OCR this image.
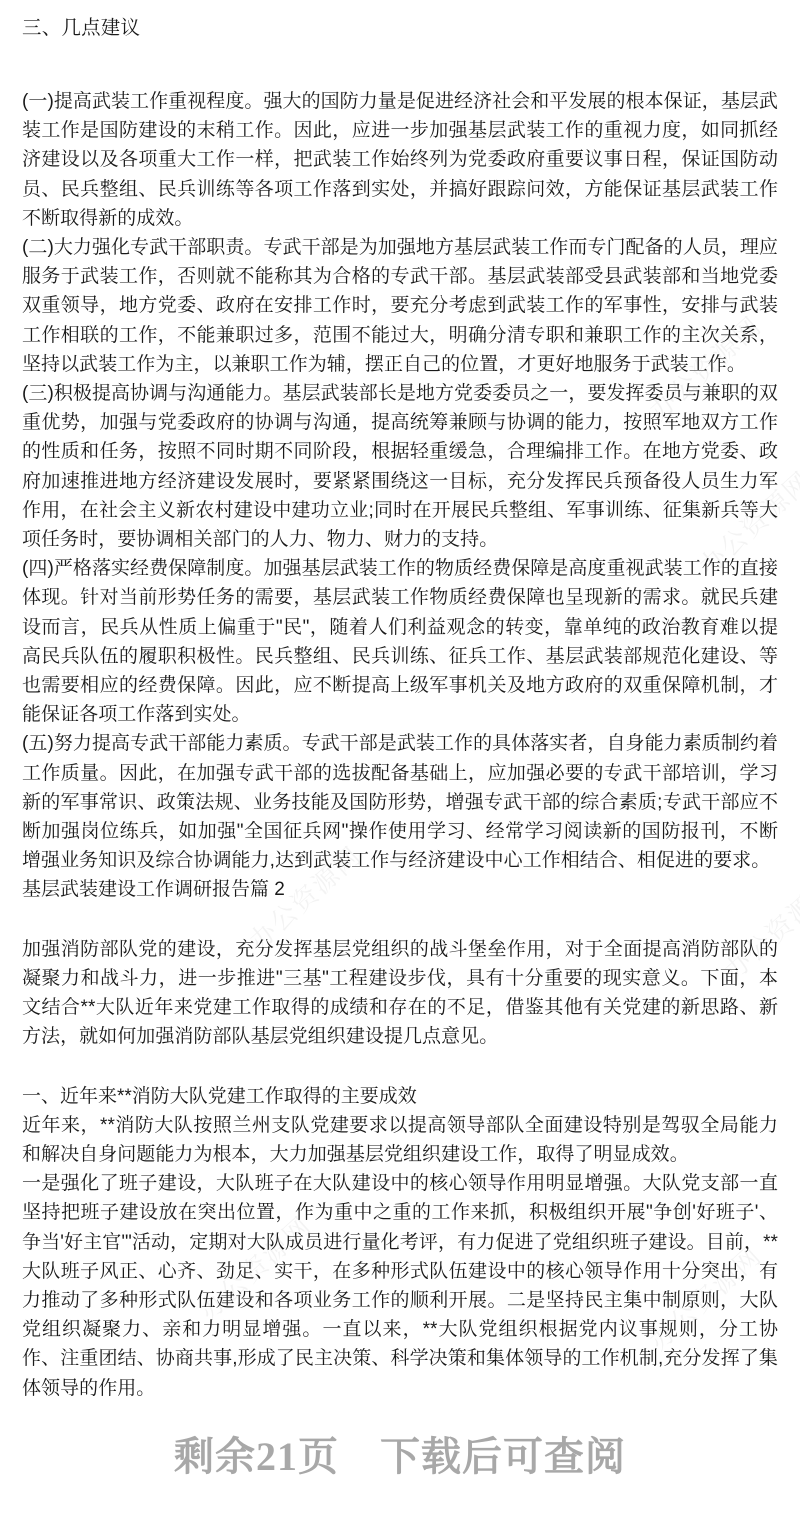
三、几点建议

(一)提高武装工作重视程度。强大的国防力量是促进经济社会和平发展的根本保证，基层武装工作是国防建设的末稍工作。因此，应进一步加强基层武装工作的重视力度，如同抓经济建设以及各项重大工作一样，把武装工作始终列为党委政府重要议事日程，保证国防动员、民兵整组、民兵训练等各项工作落到实处，并搞好跟踪问效，方能保证基层武装工作不断取得新的成效。

(二)大力强化专武干部职责。专武干部是为加强地方基层武装工作而专门配备的人员，理应服务于武装工作，否则就不能称其为合格的专武干部。基层武装部受县武装部和当地党委双重领导，地方党委、政府在安排工作时，要充分考虑到武装工作的军事性，安排与武装工作相联的工作，不能兼职过多，范围不能过大，明确分清专职和兼职工作的主次关系，坚持以武装工作为主，以兼职工作为辅，摆正自己的位置，才更好地服务于武装工作。

(三)积极提高协调与沟通能力。基层武装部长是地方党委委员之一，要发挥委员与兼职的双重优势，加强与党委政府的协调与沟通，提高统筹兼顾与协调的能力，按照军地双方工作的性质和任务，按照不同时期不同阶段，根据轻重缓急，合理编排工作。在地方党委、政府加速推进地方经济建设发展时，要紧紧围绕这一目标，充分发挥民兵预备役人员生力军作用，在社会主义新农村建设中建功立业;同时在开展民兵整组、军事训练、征集新兵等大项任务时，要协调相关部门的人力、物力、财力的支持。

(四)严格落实经费保障制度。加强基层武装工作的物质经费保障是高度重视武装工作的直接体现。针对当前形势任务的需要，基层武装工作物质经费保障也呈现新的需求。就民兵建设而言，民兵从性质上偏重于"民"，随着人们利益观念的转变，靠单纯的政治教育难以提高民兵队伍的履职积极性。民兵整组、民兵训练、征兵工作、基层武装部规范化建设、等也需要相应的经费保障。因此，应不断提高上级军事机关及地方政府的双重保障机制，才能保证各项工作落到实处。

(五)努力提高专武干部能力素质。专武干部是武装工作的具体落实者，自身能力素质制约着工作质量。因此，在加强专武干部的选拔配备基础上，应加强必要的专武干部培训，学习新的军事常识、政策法规、业务技能及国防形势，增强专武干部的综合素质;专武干部应不断加强岗位练兵，如加强"全国征兵网"操作使用学习、经常学习阅读新的国防报刊，不断增强业务知识及综合协调能力,达到武装工作与经济建设中心工作相结合、相促进的要求。

基层武装建设工作调研报告篇 2

加强消防部队党的建设，充分发挥基层党组织的战斗堡垒作用，对于全面提高消防部队的凝聚力和战斗力，进一步推进"三基"工程建设步伐，具有十分重要的现实意义。下面，本文结合**大队近年来党建工作取得的成绩和存在的不足，借鉴其他有关党建的新思路、新方法，就如何加强消防部队基层党组织建设提几点意见。

一、近年来**消防大队党建工作取得的主要成效

近年来，**消防大队按照兰州支队党建要求以提高领导部队全面建设特别是驾驭全局能力和解决自身问题能力为根本，大力加强基层党组织建设工作，取得了明显成效。

一是强化了班子建设，大队班子在大队建设中的核心领导作用明显增强。大队党支部一直坚持把班子建设放在突出位置，作为重中之重的工作来抓，积极组织开展"争创'好班子'、争当'好主官'"活动，定期对大队成员进行量化考评，有力促进了党组织班子建设。目前，**大队班子风正、心齐、劲足、实干，在多种形式队伍建设中的核心领导作用十分突出，有力推动了多种形式队伍建设和各项业务工作的顺利开展。二是坚持民主集中制原则，大队党组织凝聚力、亲和力明显增强。一直以来，**大队党组织根据党内议事规则，分工协作、注重团结、协商共事,形成了民主决策、科学决策和集体领导的工作机制,充分发挥了集体领导的作用。

剩余21页　下载后可查阅
